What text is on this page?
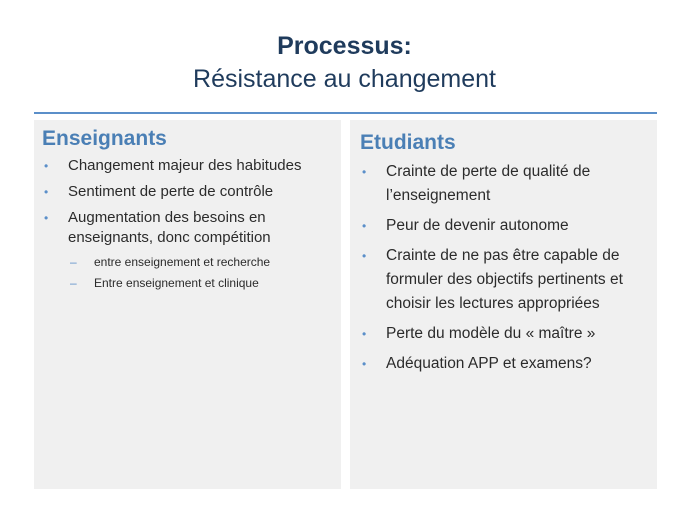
Processus:
Résistance au changement
Enseignants
• Changement majeur des habitudes
• Sentiment de perte de contrôle
• Augmentation des besoins en enseignants, donc compétition
– entre enseignement et recherche
– Entre enseignement et clinique
Etudiants
• Crainte de perte de qualité de l’enseignement
• Peur de devenir autonome
• Crainte de ne pas être capable de formuler des objectifs pertinents et choisir les lectures appropriées
• Perte du modèle du « maître »
• Adéquation APP et examens?
